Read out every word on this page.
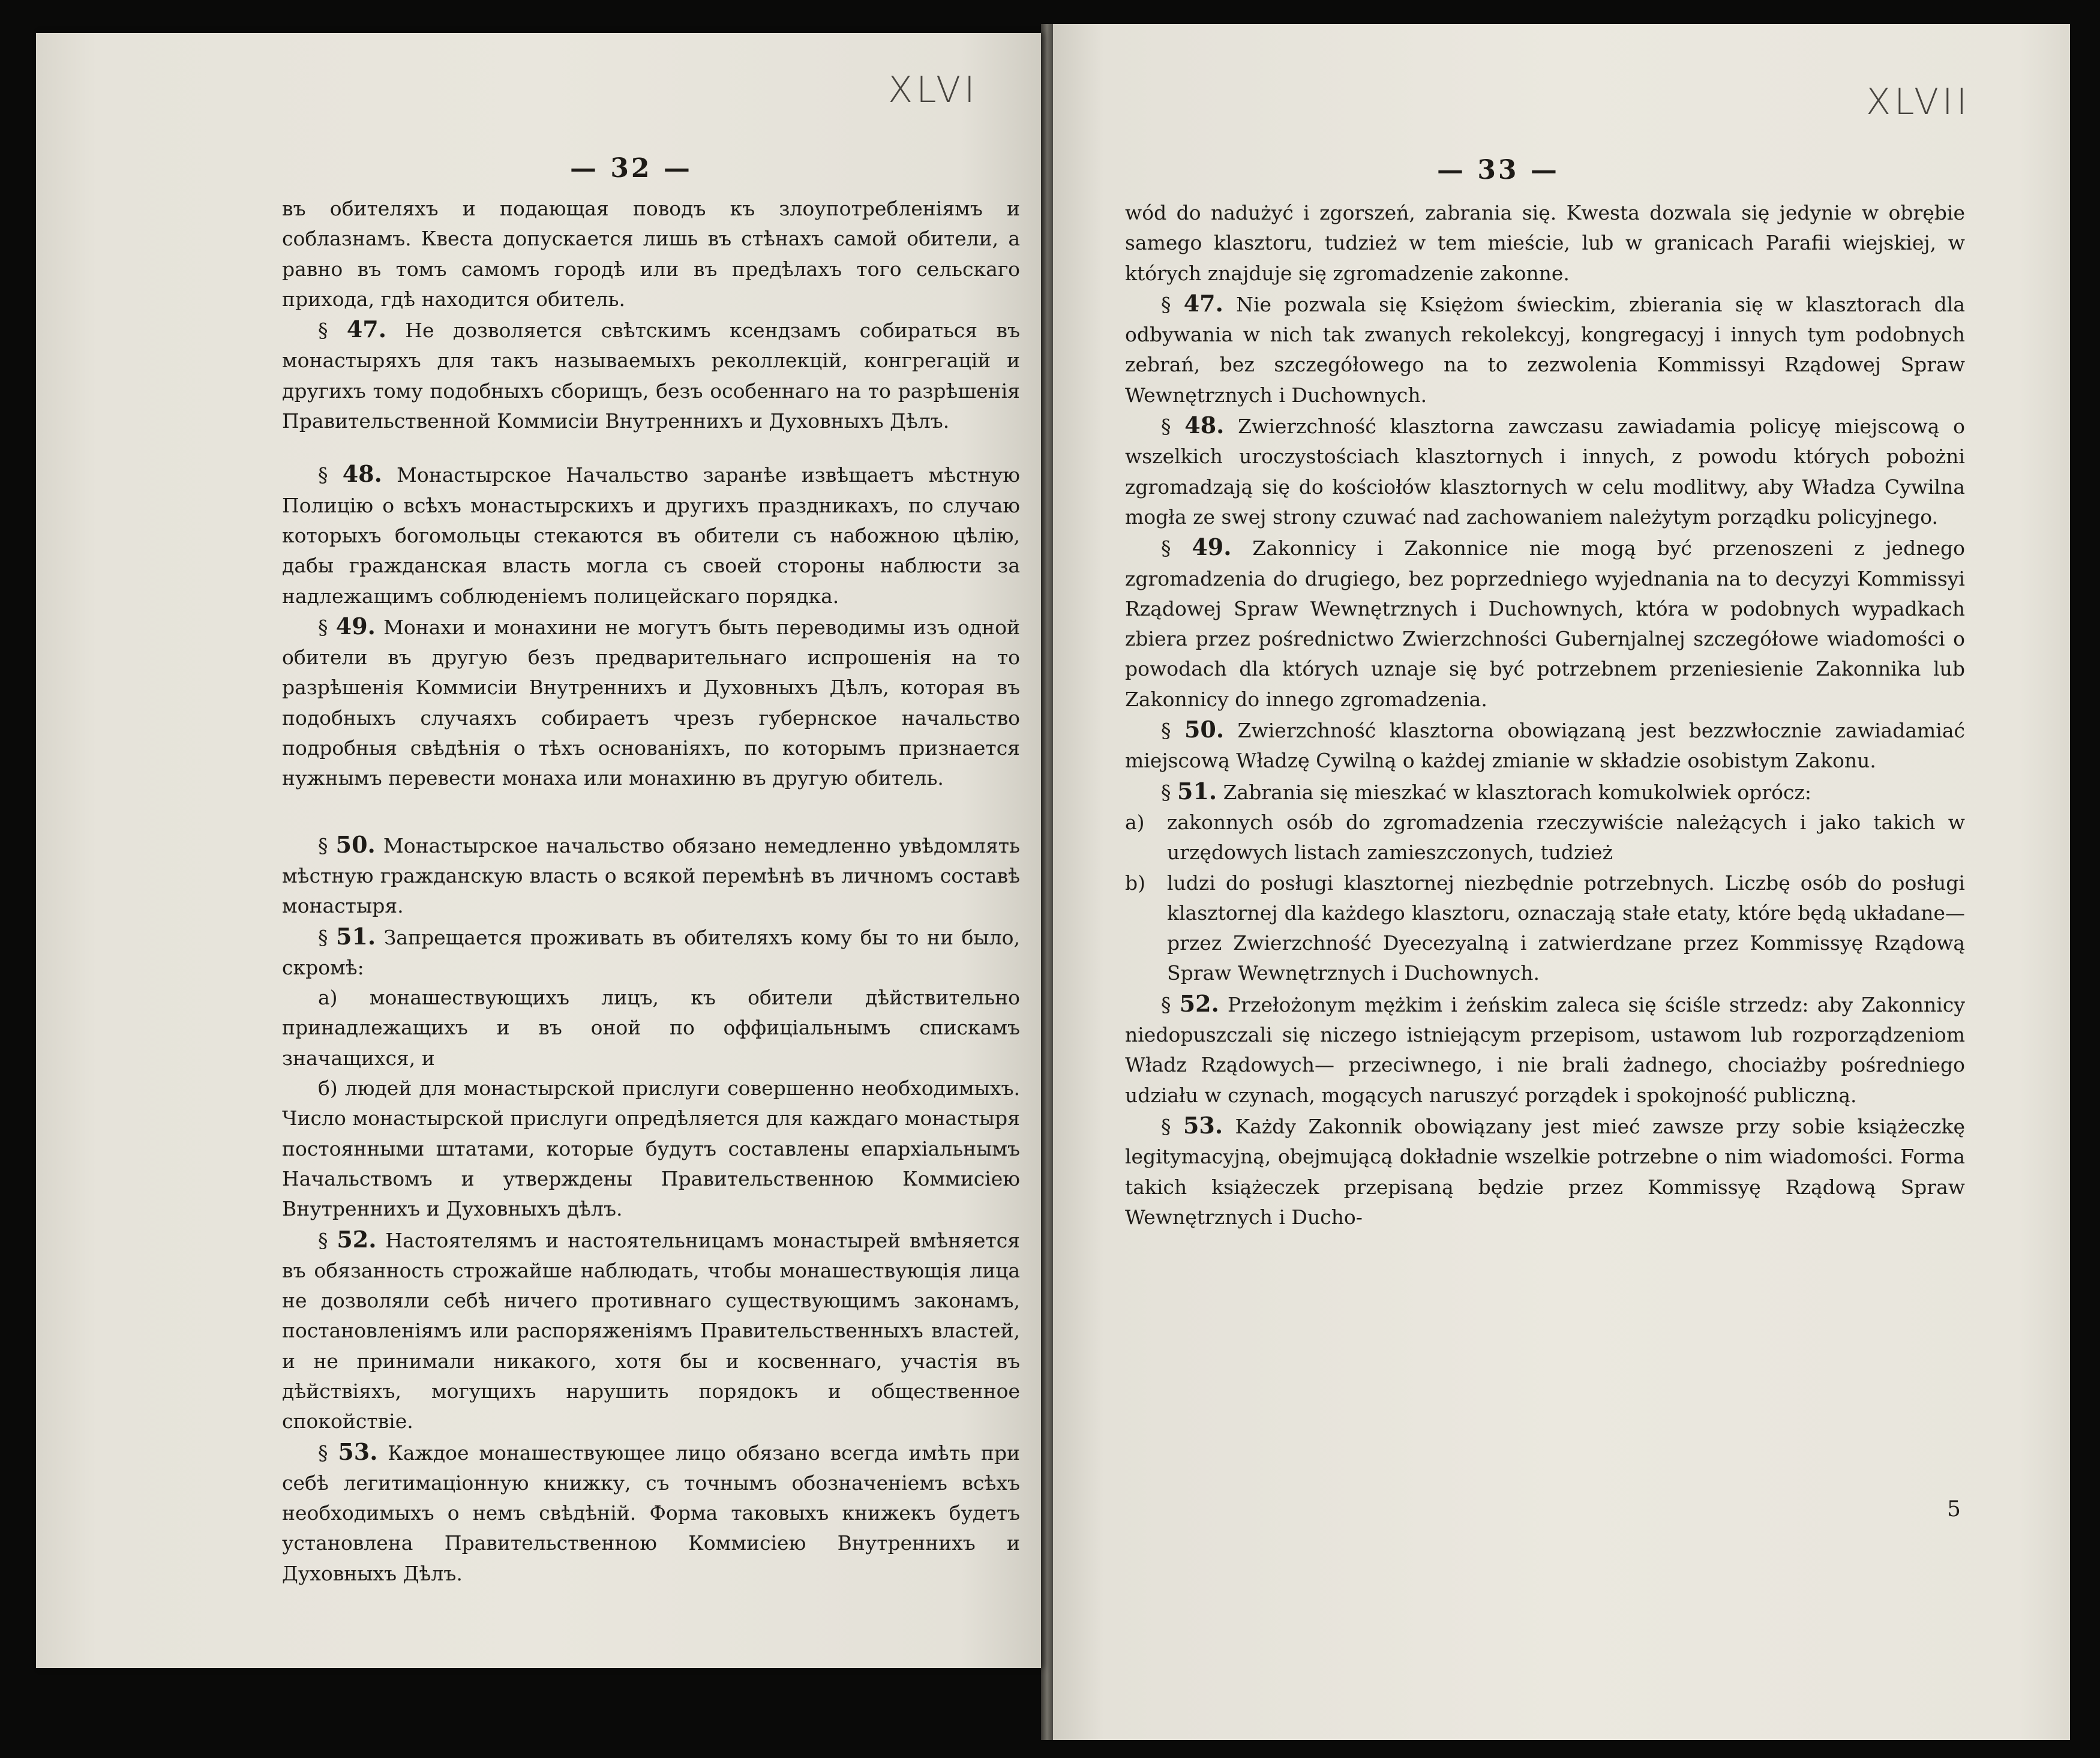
XLVI
— 32 —

въ обителяхъ и подающая поводъ къ злоупотребленiямъ и соблазнамъ. Квеста допускается лишь въ стѣнахъ самой обители, а равно въ томъ самомъ городѣ или въ предѣлахъ того сельскаго прихода, гдѣ находится обитель.

§ 47. Не дозволяется свѣтскимъ ксендзамъ собираться въ монастыряхъ для такъ называемыхъ реколлекцiй, конгрегацiй и другихъ тому подобныхъ сборищъ, безъ особеннаго на то разрѣшенiя Правительственной Коммисiи Внутреннихъ и Духовныхъ Дѣлъ.

§ 48. Монастырское Начальство заранѣе извѣщаетъ мѣстную Полицiю о всѣхъ монастырскихъ и другихъ праздникахъ, по случаю которыхъ богомольцы стекаются въ обители съ набожною цѣлiю, дабы гражданская власть могла съ своей стороны наблюсти за надлежащимъ соблюденiемъ полицейскаго порядка.

§ 49. Монахи и монахини не могутъ быть переводимы изъ одной обители въ другую безъ предварительнаго испрошенiя на то разрѣшенiя Коммисiи Внутреннихъ и Духовныхъ Дѣлъ, которая въ подобныхъ случаяхъ собираетъ чрезъ губернское начальство подробныя свѣдѣнiя о тѣхъ основанiяхъ, по которымъ признается нужнымъ перевести монаха или монахиню въ другую обитель.

§ 50. Монастырское начальство обязано немедленно увѣдомлять мѣстную гражданскую власть о всякой перемѣнѣ въ личномъ составѣ монастыря.

§ 51. Запрещается проживать въ обителяхъ кому бы то ни было, скромѣ:

а) монашествующихъ лицъ, къ обители дѣйствительно принадлежащихъ и въ оной по оффицiальнымъ спискамъ значащихся, и

б) людей для монастырской прислуги совершенно необходимыхъ. Число монастырской прислуги опредѣляется для каждаго монастыря постоянными штатами, которые будутъ составлены епархiальнымъ Начальствомъ и утверждены Правительственною Коммисiею Внутреннихъ и Духовныхъ дѣлъ.

§ 52. Настоятелямъ и настоятельницамъ монастырей вмѣняется въ обязанность строжайше наблюдать, чтобы монашествующiя лица не дозволяли себѣ ничего противнаго существующимъ законамъ, постановленiямъ или распоряженiямъ Правительственныхъ властей, и не принимали никакого, хотя бы и косвеннаго, участiя въ дѣйствiяхъ, могущихъ нарушить порядокъ и общественное спокойствiе.

§ 53. Каждое монашествующее лицо обязано всегда имѣть при себѣ легитимацiонную книжку, съ точнымъ обозначенiемъ всѣхъ необходимыхъ о немъ свѣдѣнiй. Форма таковыхъ книжекъ будетъ установлена Правительственною Коммисiею Внутреннихъ и Духовныхъ Дѣлъ.

XLVII
— 33 —

wód do nadużyć i zgorszeń, zabrania się. Kwesta dozwala się jedynie w obrębie samego klasztoru, tudzież w tem mieście, lub w granicach Parafii wiejskiej, w których znajduje się zgromadzenie zakonne.

§ 47. Nie pozwala się Księżom świeckim, zbierania się w klasztorach dla odbywania w nich tak zwanych rekolekcyj, kongregacyj i innych tym podobnych zebrań, bez szczegółowego na to zezwolenia Kommissyi Rządowej Spraw Wewnętrznych i Duchownych.

§ 48. Zwierzchność klasztorna zawczasu zawiadamia policyę miejscową o wszelkich uroczystościach klasztornych i innych, z powodu których pobożni zgromadzają się do kościołów klasztornych w celu modlitwy, aby Władza Cywilna mogła ze swej strony czuwać nad zachowaniem należytym porządku policyjnego.

§ 49. Zakonnicy i Zakonnice nie mogą być przenoszeni z jednego zgromadzenia do drugiego, bez poprzedniego wyjednania na to decyzyi Kommissyi Rządowej Spraw Wewnętrznych i Duchownych, która w podobnych wypadkach zbiera przez pośrednictwo Zwierzchności Gubernjalnej szczegółowe wiadomości o powodach dla których uznaje się być potrzebnem przeniesienie Zakonnika lub Zakonnicy do innego zgromadzenia.

§ 50. Zwierzchność klasztorna obowiązaną jest bezzwłocznie zawiadamiać miejscową Władzę Cywilną o każdej zmianie w składzie osobistym Zakonu.

§ 51. Zabrania się mieszkać w klasztorach komukolwiek oprócz:

a) zakonnych osób do zgromadzenia rzeczywiście należących i jako takich w urzędowych listach zamieszczonych, tudzież

b) ludzi do posługi klasztornej niezbędnie potrzebnych. Liczbę osób do posługi klasztornej dla każdego klasztoru, oznaczają stałe etaty, które będą układane— przez Zwierzchność Dyecezyalną i zatwierdzane przez Kommissyę Rządową Spraw Wewnętrznych i Duchownych.

§ 52. Przełożonym mężkim i żeńskim zaleca się ściśle strzedz: aby Zakonnicy niedopuszczali się niczego istniejącym przepisom, ustawom lub rozporządzeniom Władz Rządowych— przeciwnego, i nie brali żadnego, chociażby pośredniego udziału w czynach, mogących naruszyć porządek i spokojność publiczną.

§ 53. Każdy Zakonnik obowiązany jest mieć zawsze przy sobie książeczkę legitymacyjną, obejmującą dokładnie wszelkie potrzebne o nim wiadomości. Forma takich książeczek przepisaną będzie przez Kommissyę Rządową Spraw Wewnętrznych i Ducho-

5
